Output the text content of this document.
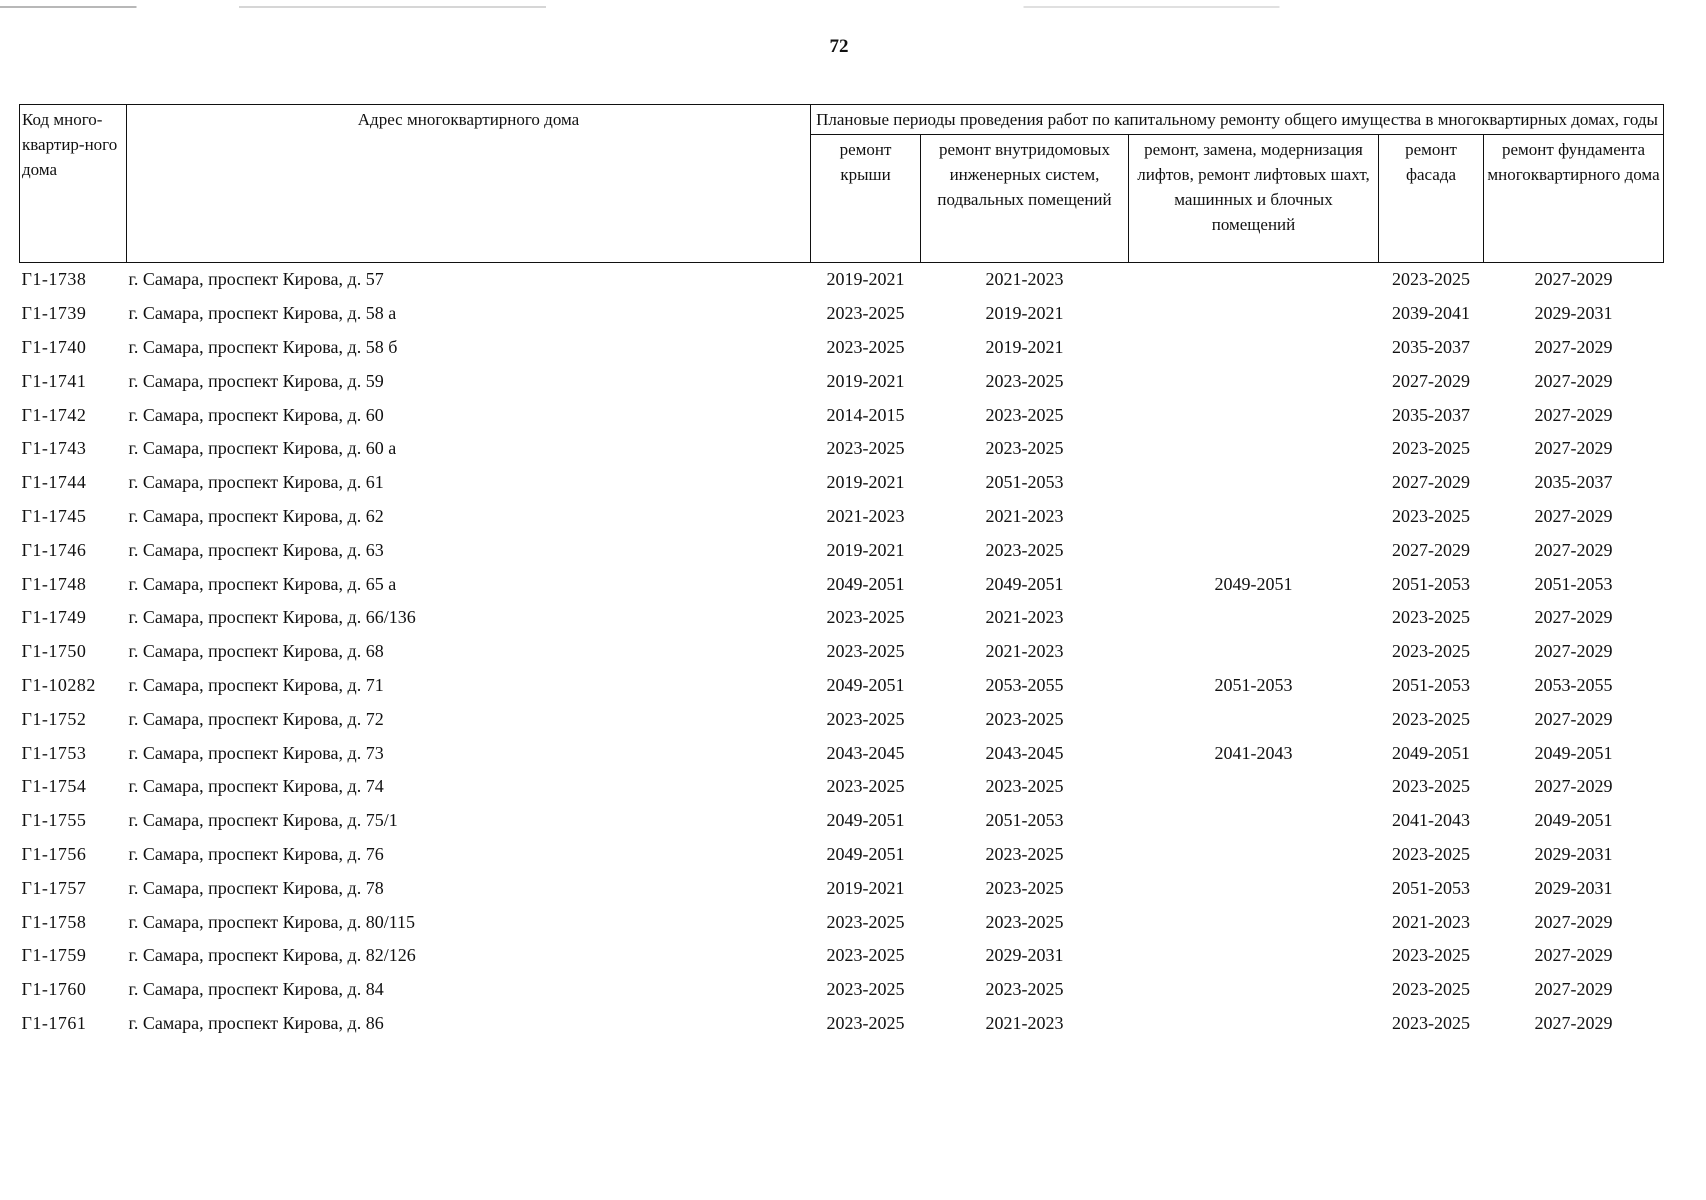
72
Код много-квартир-ного дома	Адрес многоквартирного дома	Плановые периоды проведения работ по капитальному ремонту общего имущества в многоквартирных домах, годы				
		ремонт крыши	ремонт внутридомовых инженерных систем, подвальных помещений	ремонт, замена, модернизация лифтов, ремонт лифтовых шахт, машинных и блочных помещений	ремонт фасада	ремонт фундамента многоквартирного дома
Г1-1738	г. Самара, проспект Кирова, д. 57	2019-2021	2021-2023		2023-2025	2027-2029
Г1-1739	г. Самара, проспект Кирова, д. 58 а	2023-2025	2019-2021		2039-2041	2029-2031
Г1-1740	г. Самара, проспект Кирова, д. 58 б	2023-2025	2019-2021		2035-2037	2027-2029
Г1-1741	г. Самара, проспект Кирова, д. 59	2019-2021	2023-2025		2027-2029	2027-2029
Г1-1742	г. Самара, проспект Кирова, д. 60	2014-2015	2023-2025		2035-2037	2027-2029
Г1-1743	г. Самара, проспект Кирова, д. 60 а	2023-2025	2023-2025		2023-2025	2027-2029
Г1-1744	г. Самара, проспект Кирова, д. 61	2019-2021	2051-2053		2027-2029	2035-2037
Г1-1745	г. Самара, проспект Кирова, д. 62	2021-2023	2021-2023		2023-2025	2027-2029
Г1-1746	г. Самара, проспект Кирова, д. 63	2019-2021	2023-2025		2027-2029	2027-2029
Г1-1748	г. Самара, проспект Кирова, д. 65 а	2049-2051	2049-2051	2049-2051	2051-2053	2051-2053
Г1-1749	г. Самара, проспект Кирова, д. 66/136	2023-2025	2021-2023		2023-2025	2027-2029
Г1-1750	г. Самара, проспект Кирова, д. 68	2023-2025	2021-2023		2023-2025	2027-2029
Г1-10282	г. Самара, проспект Кирова, д. 71	2049-2051	2053-2055	2051-2053	2051-2053	2053-2055
Г1-1752	г. Самара, проспект Кирова, д. 72	2023-2025	2023-2025		2023-2025	2027-2029
Г1-1753	г. Самара, проспект Кирова, д. 73	2043-2045	2043-2045	2041-2043	2049-2051	2049-2051
Г1-1754	г. Самара, проспект Кирова, д. 74	2023-2025	2023-2025		2023-2025	2027-2029
Г1-1755	г. Самара, проспект Кирова, д. 75/1	2049-2051	2051-2053		2041-2043	2049-2051
Г1-1756	г. Самара, проспект Кирова, д. 76	2049-2051	2023-2025		2023-2025	2029-2031
Г1-1757	г. Самара, проспект Кирова, д. 78	2019-2021	2023-2025		2051-2053	2029-2031
Г1-1758	г. Самара, проспект Кирова, д. 80/115	2023-2025	2023-2025		2021-2023	2027-2029
Г1-1759	г. Самара, проспект Кирова, д. 82/126	2023-2025	2029-2031		2023-2025	2027-2029
Г1-1760	г. Самара, проспект Кирова, д. 84	2023-2025	2023-2025		2023-2025	2027-2029
Г1-1761	г. Самара, проспект Кирова, д. 86	2023-2025	2021-2023		2023-2025	2027-2029
